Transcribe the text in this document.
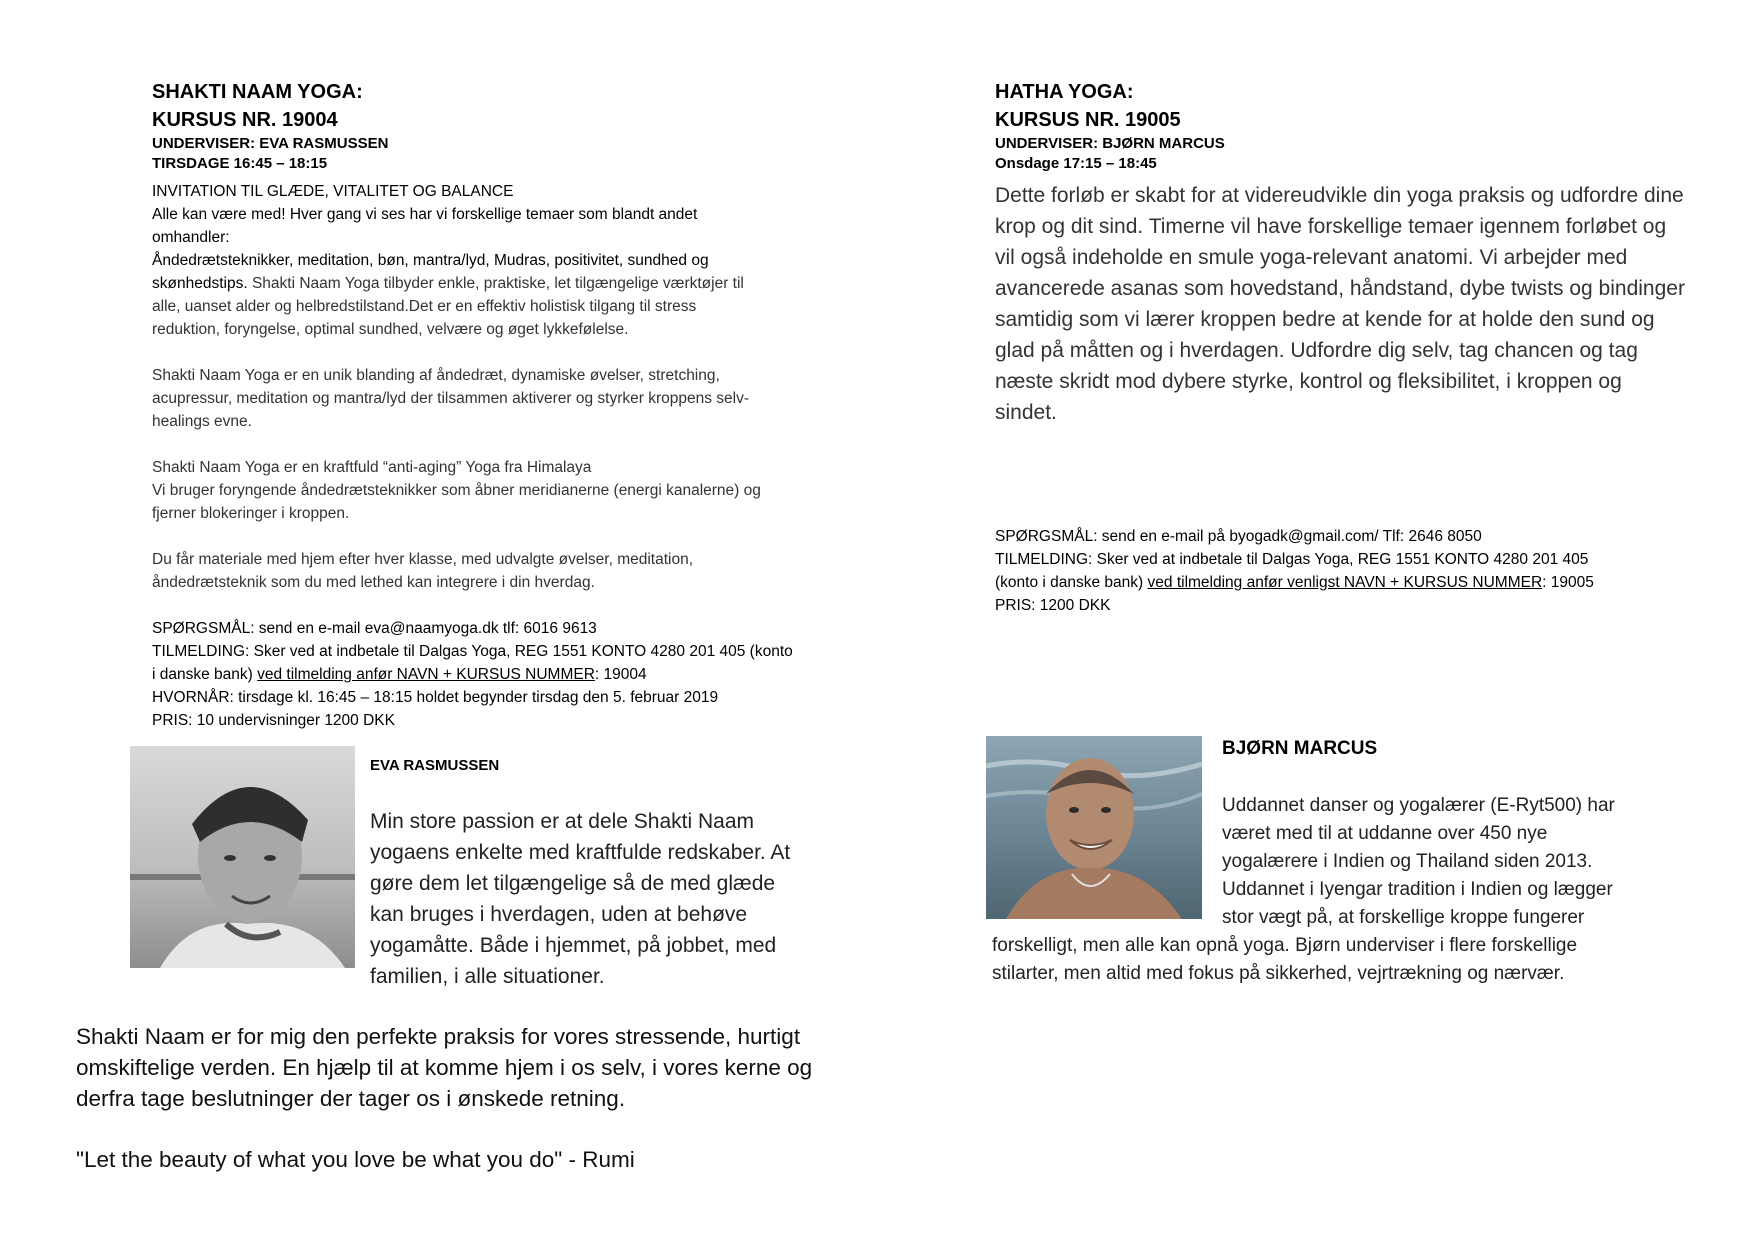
SHAKTI NAAM YOGA:
KURSUS NR. 19004
UNDERVISER: EVA RASMUSSEN
TIRSDAGE 16:45 – 18:15
INVITATION TIL GLÆDE, VITALITET OG BALANCE
Alle kan være med! Hver gang vi ses har vi forskellige temaer som blandt andet
omhandler:
Åndedrætsteknikker, meditation, bøn, mantra/lyd, Mudras, positivitet, sundhed og
skønhedstips. Shakti Naam Yoga tilbyder enkle, praktiske, let tilgængelige værktøjer til
alle, uanset alder og helbredstilstand.Det er en effektiv holistisk tilgang til stress
reduktion, foryngelse, optimal sundhed, velvære og øget lykkefølelse.
Shakti Naam Yoga er en unik blanding af åndedræt, dynamiske øvelser, stretching,
acupressur, meditation og mantra/lyd der tilsammen aktiverer og styrker kroppens selv-
healings evne.
Shakti Naam Yoga er en kraftfuld “anti-aging” Yoga fra Himalaya
Vi bruger foryngende åndedrætsteknikker som åbner meridianerne (energi kanalerne) og
fjerner blokeringer i kroppen.
Du får materiale med hjem efter hver klasse, med udvalgte øvelser, meditation,
åndedrætsteknik som du med lethed kan integrere i din hverdag.
SPØRGSMÅL: send en e-mail eva@naamyoga.dk tlf: 6016 9613
TILMELDING: Sker ved at indbetale til Dalgas Yoga, REG 1551 KONTO 4280 201 405 (konto
i danske bank) ved tilmelding anfør NAVN + KURSUS NUMMER: 19004
HVORNÅR: tirsdage kl. 16:45 – 18:15 holdet begynder tirsdag den 5. februar 2019
PRIS: 10 undervisninger 1200 DKK
EVA RASMUSSEN
Min store passion er at dele Shakti Naam
yogaens enkelte med kraftfulde redskaber. At
gøre dem let tilgængelige så de med glæde
kan bruges i hverdagen, uden at behøve
yogamåtte. Både i hjemmet, på jobbet, med
familien, i alle situationer.
Shakti Naam er for mig den perfekte praksis for vores stressende, hurtigt
omskiftelige verden. En hjælp til at komme hjem i os selv, i vores kerne og
derfra tage beslutninger der tager os i ønskede retning.
"Let the beauty of what you love be what you do" - Rumi
HATHA YOGA:
KURSUS NR. 19005
UNDERVISER: BJØRN MARCUS
Onsdage 17:15 – 18:45
Dette forløb er skabt for at videreudvikle din yoga praksis og udfordre dine
krop og dit sind. Timerne vil have forskellige temaer igennem forløbet og
vil også indeholde en smule yoga-relevant anatomi. Vi arbejder med
avancerede asanas som hovedstand, håndstand, dybe twists og bindinger
samtidig som vi lærer kroppen bedre at kende for at holde den sund og
glad på måtten og i hverdagen. Udfordre dig selv, tag chancen og tag
næste skridt mod dybere styrke, kontrol og fleksibilitet, i kroppen og
sindet.
SPØRGSMÅL: send en e-mail på byogadk@gmail.com/ Tlf: 2646 8050
TILMELDING: Sker ved at indbetale til Dalgas Yoga, REG 1551 KONTO 4280 201 405
(konto i danske bank) ved tilmelding anfør venligst NAVN + KURSUS NUMMER: 19005
PRIS: 1200 DKK
BJØRN MARCUS
Uddannet danser og yogalærer (E-Ryt500) har
været med til at uddanne over 450 nye
yogalærere i Indien og Thailand siden 2013.
Uddannet i Iyengar tradition i Indien og lægger
stor vægt på, at forskellige kroppe fungerer
forskelligt, men alle kan opnå yoga. Bjørn underviser i flere forskellige
stilarter, men altid med fokus på sikkerhed, vejrtrækning og nærvær.
